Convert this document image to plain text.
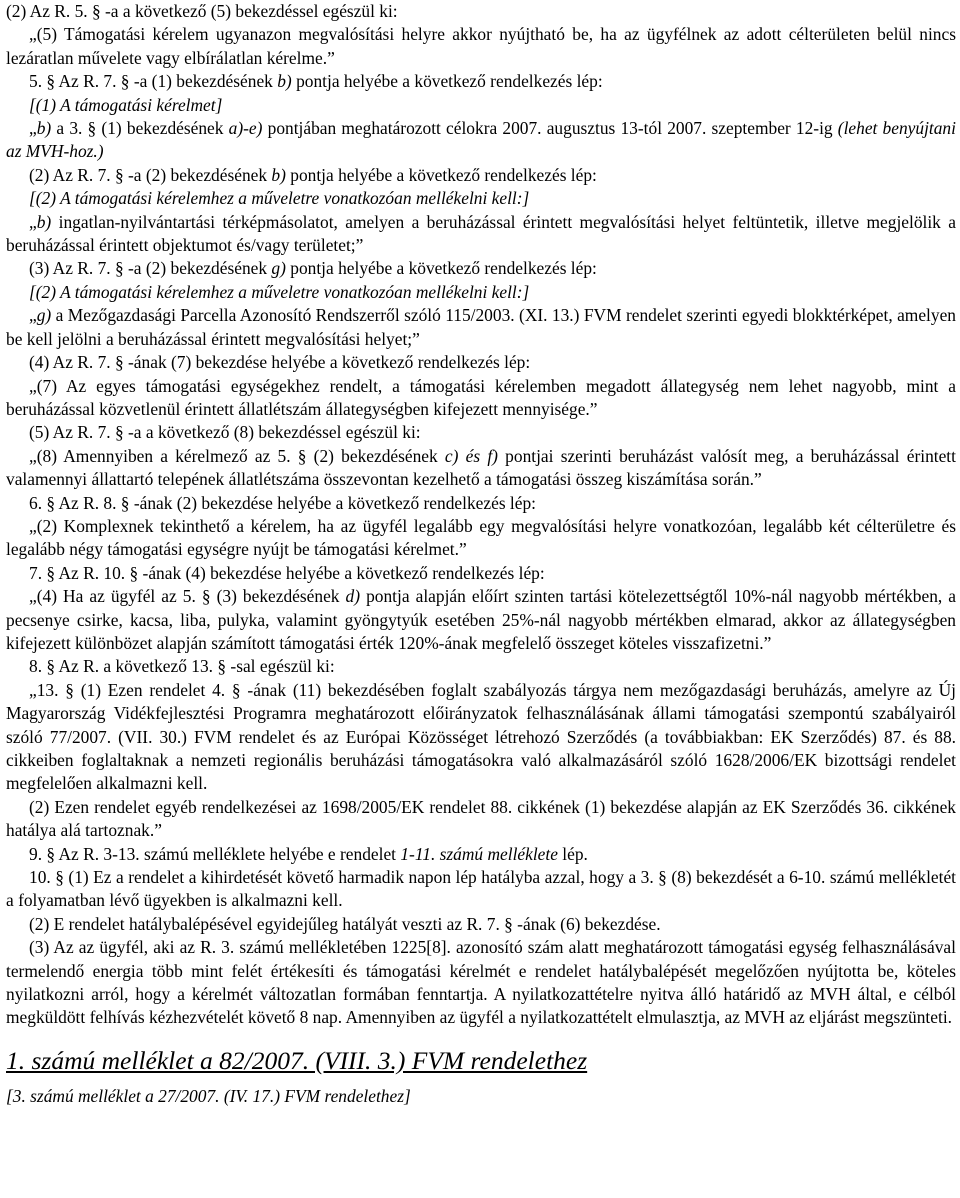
(2) Az R. 5. § -a a következő (5) bekezdéssel egészül ki:

„(5) Támogatási kérelem ugyanazon megvalósítási helyre akkor nyújtható be, ha az ügyfélnek az adott célterületen belül nincs lezáratlan művelete vagy elbírálatlan kérelme.”

5. § Az R. 7. § -a (1) bekezdésének b) pontja helyébe a következő rendelkezés lép:

[(1) A támogatási kérelmet]

„b) a 3. § (1) bekezdésének a)-e) pontjában meghatározott célokra 2007. augusztus 13-tól 2007. szeptember 12-ig (lehet benyújtani az MVH-hoz.)

(2) Az R. 7. § -a (2) bekezdésének b) pontja helyébe a következő rendelkezés lép:

[(2) A támogatási kérelemhez a műveletre vonatkozóan mellékelni kell:]

„b) ingatlan-nyilvántartási térképmásolatot, amelyen a beruházással érintett megvalósítási helyet feltüntetik, illetve megjelölik a beruházással érintett objektumot és/vagy területet;”

(3) Az R. 7. § -a (2) bekezdésének g) pontja helyébe a következő rendelkezés lép:

[(2) A támogatási kérelemhez a műveletre vonatkozóan mellékelni kell:]

„g) a Mezőgazdasági Parcella Azonosító Rendszerről szóló 115/2003. (XI. 13.) FVM rendelet szerinti egyedi blokktérképet, amelyen be kell jelölni a beruházással érintett megvalósítási helyet;”

(4) Az R. 7. § -ának (7) bekezdése helyébe a következő rendelkezés lép:

„(7) Az egyes támogatási egységekhez rendelt, a támogatási kérelemben megadott állategység nem lehet nagyobb, mint a beruházással közvetlenül érintett állatlétszám állategységben kifejezett mennyisége.”

(5) Az R. 7. § -a a következő (8) bekezdéssel egészül ki:

„(8) Amennyiben a kérelmező az 5. § (2) bekezdésének c) és f) pontjai szerinti beruházást valósít meg, a beruházással érintett valamennyi állattartó telepének állatlétszáma összevontan kezelhető a támogatási összeg kiszámítása során.”

6. § Az R. 8. § -ának (2) bekezdése helyébe a következő rendelkezés lép:

„(2) Komplexnek tekinthető a kérelem, ha az ügyfél legalább egy megvalósítási helyre vonatkozóan, legalább két célterületre és legalább négy támogatási egységre nyújt be támogatási kérelmet.”

7. § Az R. 10. § -ának (4) bekezdése helyébe a következő rendelkezés lép:

„(4) Ha az ügyfél az 5. § (3) bekezdésének d) pontja alapján előírt szinten tartási kötelezettségtől 10%-nál nagyobb mértékben, a pecsenye csirke, kacsa, liba, pulyka, valamint gyöngytyúk esetében 25%-nál nagyobb mértékben elmarad, akkor az állategységben kifejezett különbözet alapján számított támogatási érték 120%-ának megfelelő összeget köteles visszafizetni.”

8. § Az R. a következő 13. § -sal egészül ki:

„13. § (1) Ezen rendelet 4. § -ának (11) bekezdésében foglalt szabályozás tárgya nem mezőgazdasági beruházás, amelyre az Új Magyarország Vidékfejlesztési Programra meghatározott előirányzatok felhasználásának állami támogatási szempontú szabályairól szóló 77/2007. (VII. 30.) FVM rendelet és az Európai Közösséget létrehozó Szerződés (a továbbiakban: EK Szerződés) 87. és 88. cikkeiben foglaltaknak a nemzeti regionális beruházási támogatásokra való alkalmazásáról szóló 1628/2006/EK bizottsági rendelet megfelelően alkalmazni kell.

(2) Ezen rendelet egyéb rendelkezései az 1698/2005/EK rendelet 88. cikkének (1) bekezdése alapján az EK Szerződés 36. cikkének hatálya alá tartoznak.”

9. § Az R. 3-13. számú melléklete helyébe e rendelet 1-11. számú melléklete lép.

10. § (1) Ez a rendelet a kihirdetését követő harmadik napon lép hatályba azzal, hogy a 3. § (8) bekezdését a 6-10. számú mellékletét a folyamatban lévő ügyekben is alkalmazni kell.

(2) E rendelet hatálybalépésével egyidejűleg hatályát veszti az R. 7. § -ának (6) bekezdése.

(3) Az az ügyfél, aki az R. 3. számú mellékletében 1225[8]. azonosító szám alatt meghatározott támogatási egység felhasználásával termelendő energia több mint felét értékesíti és támogatási kérelmét e rendelet hatálybalépését megelőzően nyújtotta be, köteles nyilatkozni arról, hogy a kérelmét változatlan formában fenntartja. A nyilatkozattételre nyitva álló határidő az MVH által, e célból megküldött felhívás kézhezvételét követő 8 nap. Amennyiben az ügyfél a nyilatkozattételt elmulasztja, az MVH az eljárást megszünteti.

1. számú melléklet a 82/2007. (VIII. 3.) FVM rendelethez

[3. számú melléklet a 27/2007. (IV. 17.) FVM rendelethez]
